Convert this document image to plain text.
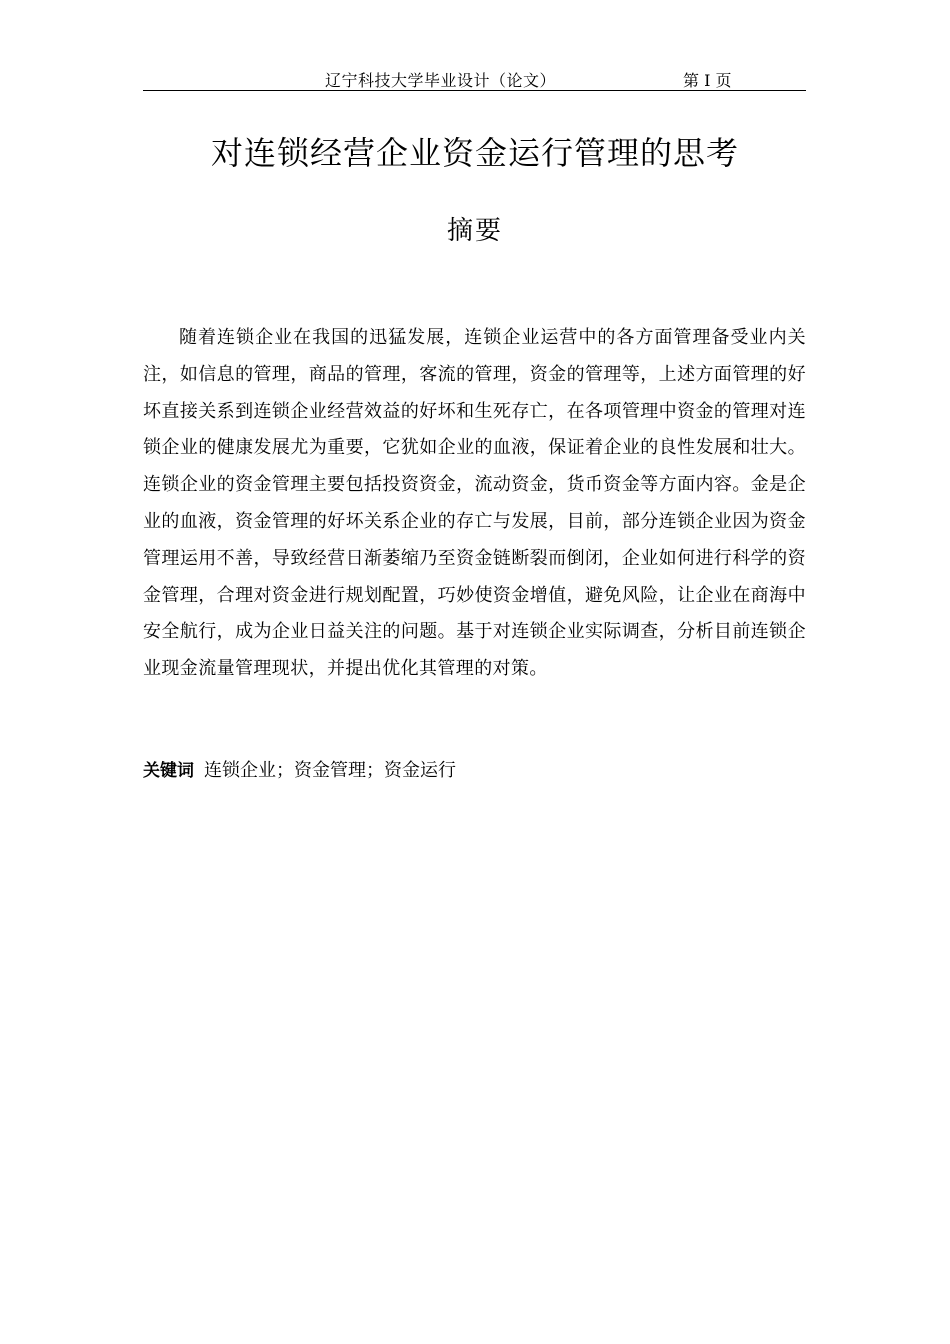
辽宁科技大学毕业设计（论文）	第 I 页
对连锁经营企业资金运行管理的思考
摘要

随着连锁企业在我国的迅猛发展，连锁企业运营中的各方面管理备受业内关注，如信息的管理，商品的管理，客流的管理，资金的管理等，上述方面管理的好坏直接关系到连锁企业经营效益的好坏和生死存亡，在各项管理中资金的管理对连锁企业的健康发展尤为重要，它犹如企业的血液，保证着企业的良性发展和壮大。连锁企业的资金管理主要包括投资资金，流动资金，货币资金等方面内容。金是企业的血液，资金管理的好坏关系企业的存亡与发展，目前，部分连锁企业因为资金管理运用不善，导致经营日渐萎缩乃至资金链断裂而倒闭，企业如何进行科学的资金管理，合理对资金进行规划配置，巧妙使资金增值，避免风险，让企业在商海中安全航行，成为企业日益关注的问题。基于对连锁企业实际调查，分析目前连锁企业现金流量管理现状，并提出优化其管理的对策。

关键词 连锁企业；资金管理；资金运行
